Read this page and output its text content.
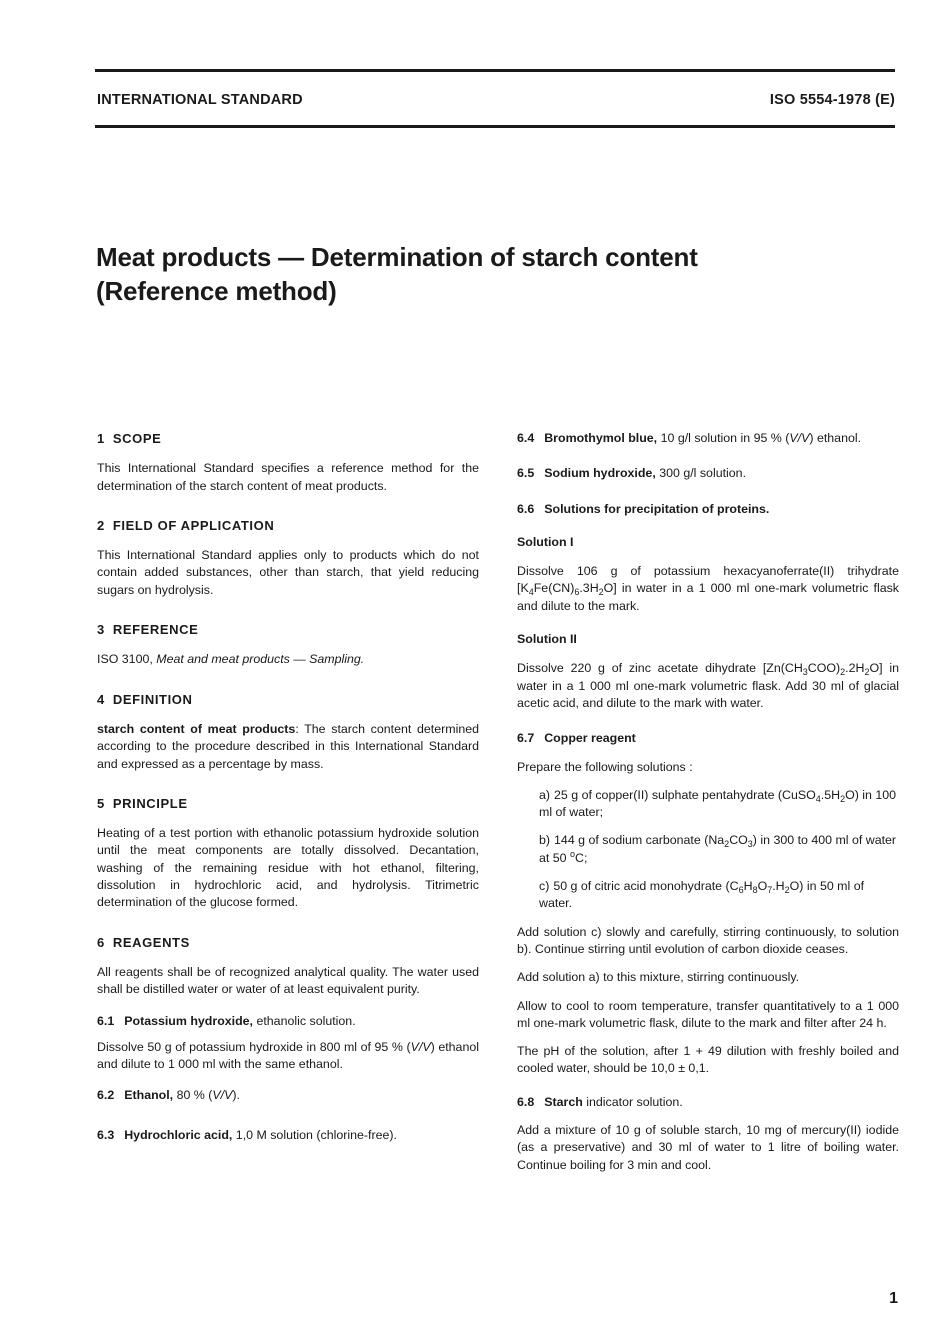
INTERNATIONAL STANDARD	ISO 5554-1978 (E)
Meat products — Determination of starch content
(Reference method)
1 SCOPE

This International Standard specifies a reference method for the determination of the starch content of meat products.

2 FIELD OF APPLICATION

This International Standard applies only to products which do not contain added substances, other than starch, that yield reducing sugars on hydrolysis.

3 REFERENCE

ISO 3100, Meat and meat products — Sampling.

4 DEFINITION

starch content of meat products: The starch content determined according to the procedure described in this International Standard and expressed as a percentage by mass.

5 PRINCIPLE

Heating of a test portion with ethanolic potassium hydroxide solution until the meat components are totally dissolved. Decantation, washing of the remaining residue with hot ethanol, filtering, dissolution in hydrochloric acid, and hydrolysis. Titrimetric determination of the glucose formed.

6 REAGENTS

All reagents shall be of recognized analytical quality. The water used shall be distilled water or water of at least equivalent purity.

6.1 Potassium hydroxide, ethanolic solution.

Dissolve 50 g of potassium hydroxide in 800 ml of 95 % (V/V) ethanol and dilute to 1 000 ml with the same ethanol.

6.2 Ethanol, 80 % (V/V).
6.3 Hydrochloric acid, 1,0 M solution (chlorine-free).

6.4 Bromothymol blue, 10 g/l solution in 95 % (V/V) ethanol.

6.5 Sodium hydroxide, 300 g/l solution.

6.6 Solutions for precipitation of proteins.
Solution I

Dissolve 106 g of potassium hexacyanoferrate(II) trihydrate $[K_4Fe(CN)_6.3H_2O]$ in water in a 1 000 ml one-mark volumetric flask and dilute to the mark.

Solution II

Dissolve 220 g of zinc acetate dihydrate $[Zn(CH_3COO)_2.2H_2O]$ in water in a 1 000 ml one-mark volumetric flask. Add 30 ml of glacial acetic acid, and dilute to the mark with water.

6.7 Copper reagent

Prepare the following solutions :

a) 25 g of copper(II) sulphate pentahydrate $(CuSO_4.5H_2O)$ in 100 ml of water;

b) 144 g of sodium carbonate $(Na_2CO_3)$ in 300 to 400 ml of water at 50 $^o$C;

c) 50 g of citric acid monohydrate $(C_6H_8O_7.H_2O)$ in 50 ml of water.

Add solution c) slowly and carefully, stirring continuously, to solution b). Continue stirring until evolution of carbon dioxide ceases.

Add solution a) to this mixture, stirring continuously.

Allow to cool to room temperature, transfer quantitatively to a 1 000 ml one-mark volumetric flask, dilute to the mark and filter after 24 h.

The pH of the solution, after 1 + 49 dilution with freshly boiled and cooled water, should be 10,0 ± 0,1.

6.8 Starch indicator solution.

Add a mixture of 10 g of soluble starch, 10 mg of mercury(II) iodide (as a preservative) and 30 ml of water to 1 litre of boiling water. Continue boiling for 3 min and cool.

1
